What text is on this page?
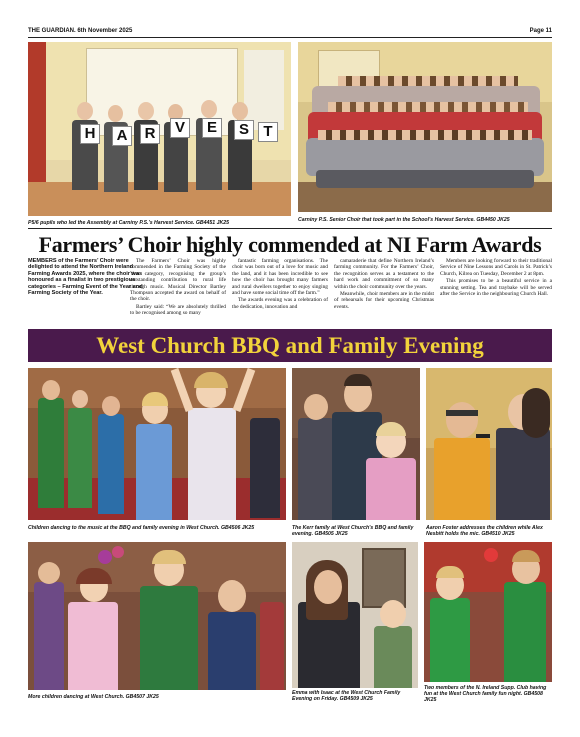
THE GUARDIAN. 6th November 2025	Page 11
H	A	R	V	E	S T
P5/6 pupils who led the Assembly at Carniny P.S.'s Harvest Service. GB4451 JK25	Carniny P.S. Senior Choir that took part in the School's Harvest Service. GB4450 JK25
Farmers’ Choir highly commended at NI Farm Awards

MEMBERS of the Farmers’ Choir were delighted to attend the Northern Ireland Farming Awards 2025, where the choir was honoured as a finalist in two prestigious categories – Farming Event of the Year and Farming Society of the Year.

The Farmers’ Choir was highly commended in the Farming Society of the Year category, recognising the group’s outstanding contribution to rural life through music. Musical Director Bartley Thompson accepted the award on behalf of the choir.

Bartley said: “We are absolutely thrilled to be recognised among so many

fantastic farming organisations. The choir was born out of a love for music and the land, and it has been incredible to see how the choir has brought many farmers and rural dwellers together to enjoy singing and have some social time off the farm.”

The awards evening was a celebration of the dedication, innovation and

camaraderie that define Northern Ireland’s farming community. For the Farmers’ Choir, the recognition serves as a testament to the hard work and commitment of so many within the choir community over the years.

Meanwhile, choir members are in the midst of rehearsals for their upcoming Christmas events.

Members are looking forward to their traditional Service of Nine Lessons and Carols in St. Patrick’s Church, Kilrea on Tuesday, December 2 at 8pm.

This promises to be a beautiful service in a stunning setting. Tea and traybake will be served after the Service in the neighbouring Church Hall.

West Church BBQ and Family Evening
Children dancing to the music at the BBQ and family evening in West Church. GB4506 JK25	The Kerr family at West Church's BBQ and family evening. GB4505 JK25
Aaron Foster addresses the children while Alex Nesbitt holds the mic. GB4510 JK25
More children dancing at West Church. GB4507 JK25
Emma with Isaac at the West Church Family Evening on Friday. GB4509 JK25
Two members of the N. Ireland Supp. Club having fun at the West Church family fun night. GB4508 JK25
